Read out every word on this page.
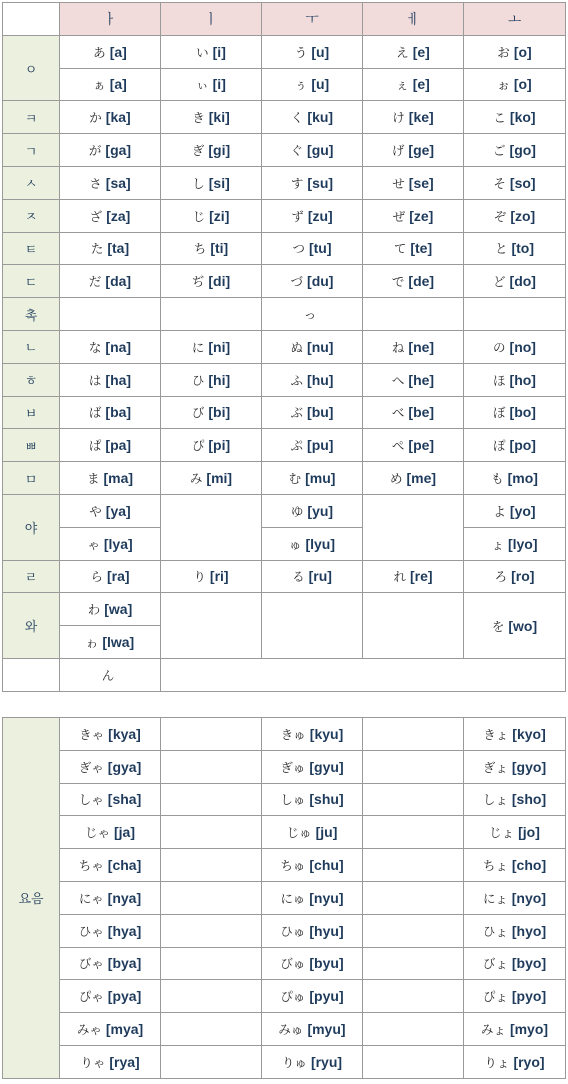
	ㅏ	ㅣ	ㅜ	ㅔ	ㅗ
ㅇ	あ [a]	い [i]	う [u]	え [e]	お [o]
	ぁ [a]	ぃ [i]	ぅ [u]	ぇ [e]	ぉ [o]
ㅋ	か [ka]	き [ki]	く [ku]	け [ke]	こ [ko]
ㄱ	が [ga]	ぎ [gi]	ぐ [gu]	げ [ge]	ご [go]
ㅅ	さ [sa]	し [si]	す [su]	せ [se]	そ [so]
ㅈ	ざ [za]	じ [zi]	ず [zu]	ぜ [ze]	ぞ [zo]
ㅌ	た [ta]	ち [ti]	つ [tu]	て [te]	と [to]
ㄷ	だ [da]	ぢ [di]	づ [du]	で [de]	ど [do]
촉			っ		
ㄴ	な [na]	に [ni]	ぬ [nu]	ね [ne]	の [no]
ㅎ	は [ha]	ひ [hi]	ふ [hu]	へ [he]	ほ [ho]
ㅂ	ば [ba]	び [bi]	ぶ [bu]	べ [be]	ぼ [bo]
ㅃ	ぱ [pa]	ぴ [pi]	ぷ [pu]	ぺ [pe]	ぽ [po]
ㅁ	ま [ma]	み [mi]	む [mu]	め [me]	も [mo]
야	や [ya]		ゆ [yu]		よ [yo]
	ゃ [lya]		ゅ [lyu]		ょ [lyo]
ㄹ	ら [ra]	り [ri]	る [ru]	れ [re]	ろ [ro]
와	わ [wa]				を [wo]
	ゎ [lwa]				
	ん				
요음	きゃ [kya]		きゅ [kyu]		きょ [kyo]
	ぎゃ [gya]		ぎゅ [gyu]		ぎょ [gyo]
	しゃ [sha]		しゅ [shu]		しょ [sho]
	じゃ [ja]		じゅ [ju]		じょ [jo]
	ちゃ [cha]		ちゅ [chu]		ちょ [cho]
	にゃ [nya]		にゅ [nyu]		にょ [nyo]
	ひゃ [hya]		ひゅ [hyu]		ひょ [hyo]
	びゃ [bya]		びゅ [byu]		びょ [byo]
	ぴゃ [pya]		ぴゅ [pyu]		ぴょ [pyo]
	みゃ [mya]		みゅ [myu]		みょ [myo]
	りゃ [rya]		りゅ [ryu]		りょ [ryo]
